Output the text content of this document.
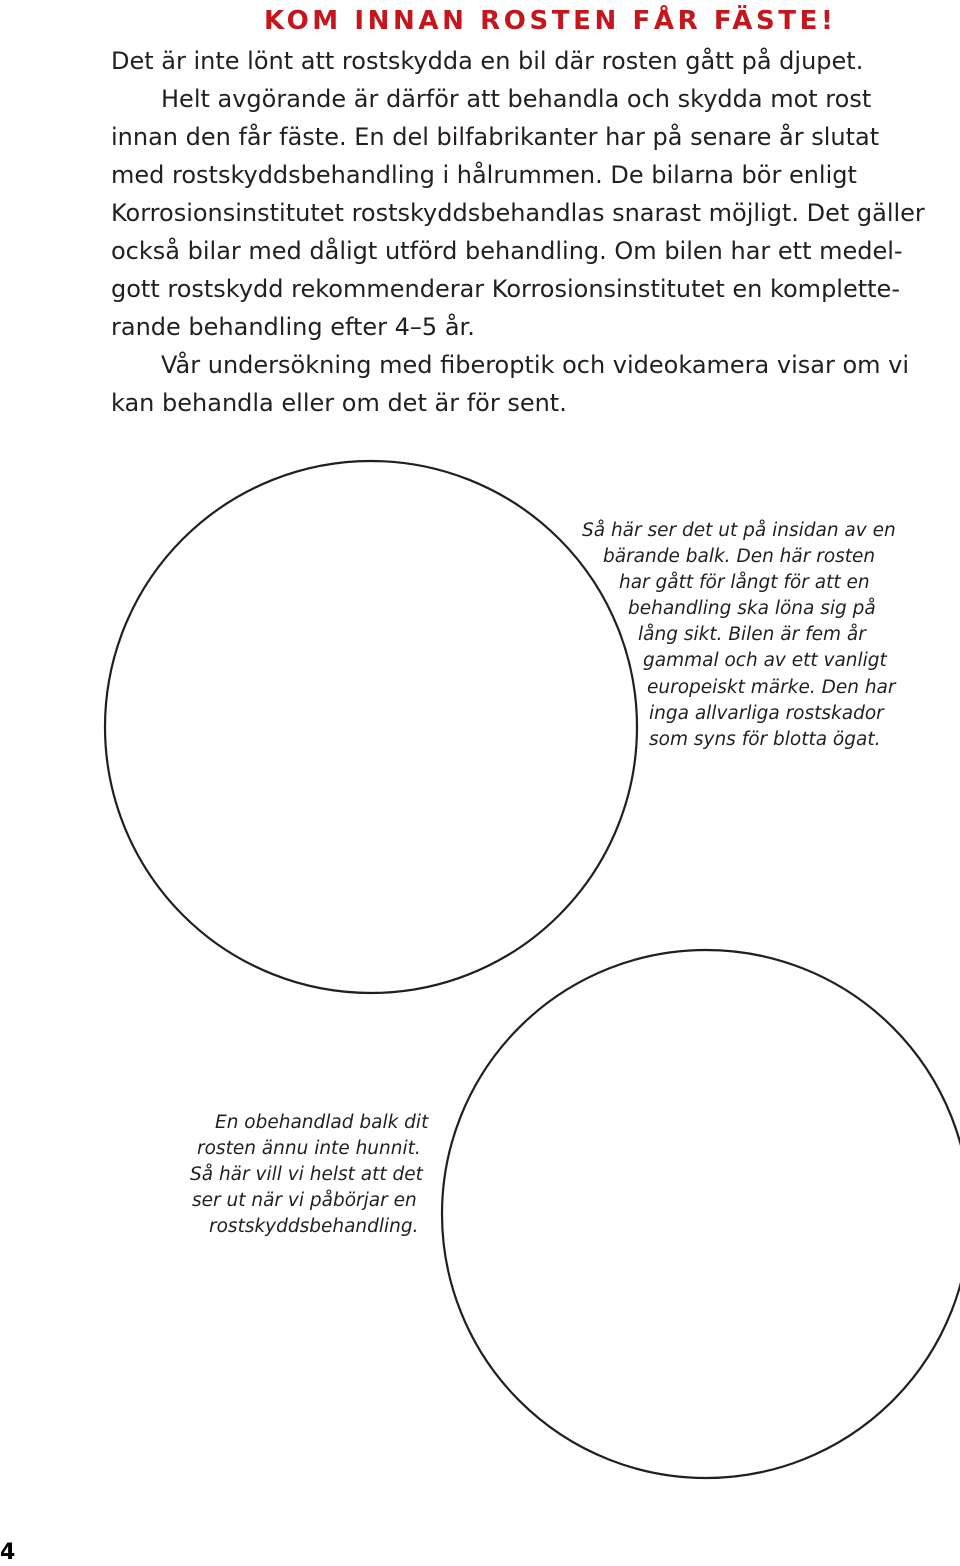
KOM INNAN ROSTEN FÅR FÄSTE!
Det är inte lönt att rostskydda en bil där rosten gått på djupet.
Helt avgörande är därför att behandla och skydda mot rost
innan den får fäste. En del bilfabrikanter har på senare år slutat
med rostskyddsbehandling i hålrummen. De bilarna bör enligt
Korrosionsinstitutet rostskyddsbehandlas snarast möjligt. Det gäller
också bilar med dåligt utförd behandling. Om bilen har ett medel-
gott rostskydd rekommenderar Korrosionsinstitutet en komplette-
rande behandling efter 4–5 år.
Vår undersökning med fiberoptik och videokamera visar om vi
kan behandla eller om det är för sent.
Så här ser det ut på insidan av en
bärande balk. Den här rosten
har gått för långt för att en
behandling ska löna sig på
lång sikt. Bilen är fem år
gammal och av ett vanligt
europeiskt märke. Den har
inga allvarliga rostskador
som syns för blotta ögat.
En obehandlad balk dit
rosten ännu inte hunnit.
Så här vill vi helst att det
ser ut när vi påbörjar en
rostskyddsbehandling.
4
